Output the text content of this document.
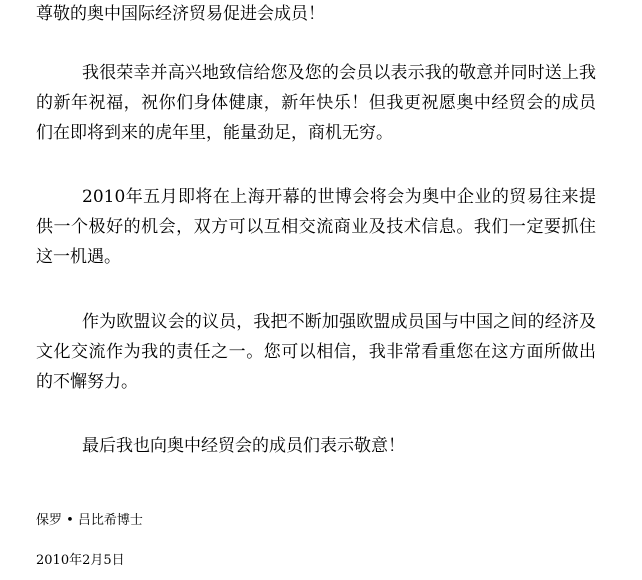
尊敬的奥中国际经济贸易促进会成员！

我很荣幸并高兴地致信给您及您的会员以表示我的敬意并同时送上我的新年祝福，祝你们身体健康，新年快乐！但我更祝愿奥中经贸会的成员们在即将到来的虎年里，能量劲足，商机无穷。

2010年五月即将在上海开幕的世博会将会为奥中企业的贸易往来提供一个极好的机会，双方可以互相交流商业及技术信息。我们一定要抓住这一机遇。

作为欧盟议会的议员，我把不断加强欧盟成员国与中国之间的经济及文化交流作为我的责任之一。您可以相信，我非常看重您在这方面所做出的不懈努力。

最后我也向奥中经贸会的成员们表示敬意！

保罗 • 吕比希博士
2010年2月5日
